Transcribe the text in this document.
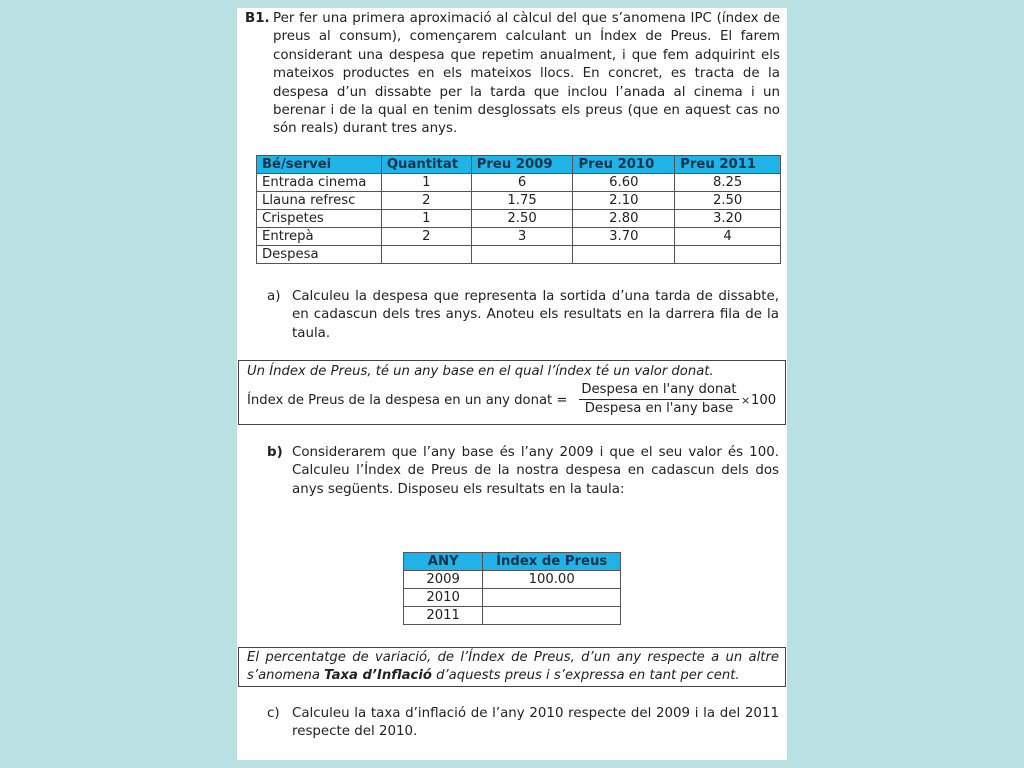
B1. Per fer una primera aproximació al càlcul del que s’anomena IPC (índex de preus al consum), començarem calculant un Índex de Preus. El farem considerant una despesa que repetim anualment, i que fem adquirint els mateixos productes en els mateixos llocs. En concret, es tracta de la despesa d’un dissabte per la tarda que inclou l’anada al cinema i un berenar i de la qual en tenim desglossats els preus (que en aquest cas no són reals) durant tres anys.
Bé/servei	Quantitat	Preu 2009	Preu 2010	Preu 2011
Entrada cinema	1	6	6.60	8.25
Llauna refresc	2	1.75	2.10	2.50
Crispetes	1	2.50	2.80	3.20
Entrepà	2	3	3.70	4
Despesa				
a) Calculeu la despesa que representa la sortida d’una tarda de dissabte, en cadascun dels tres anys. Anoteu els resultats en la darrera fila de la taula.
Un Índex de Preus, té un any base en el qual l’índex té un valor donat.
Índex de Preus de la despesa en un any donat =
Despesa en l'any donat
Despesa en l'any base
× 100
b) Considerarem que l’any base és l’any 2009 i que el seu valor és 100. Calculeu l’Índex de Preus de la nostra despesa en cadascun dels dos anys següents. Disposeu els resultats en la taula:
ANY	Índex de Preus
2009	100.00
2010	
2011	
El percentatge de variació, de l’Índex de Preus, d’un any respecte a un altre s’anomena Taxa d’Inflació d’aquests preus i s’expressa en tant per cent.
c) Calculeu la taxa d’inflació de l’any 2010 respecte del 2009 i la del 2011 respecte del 2010.
